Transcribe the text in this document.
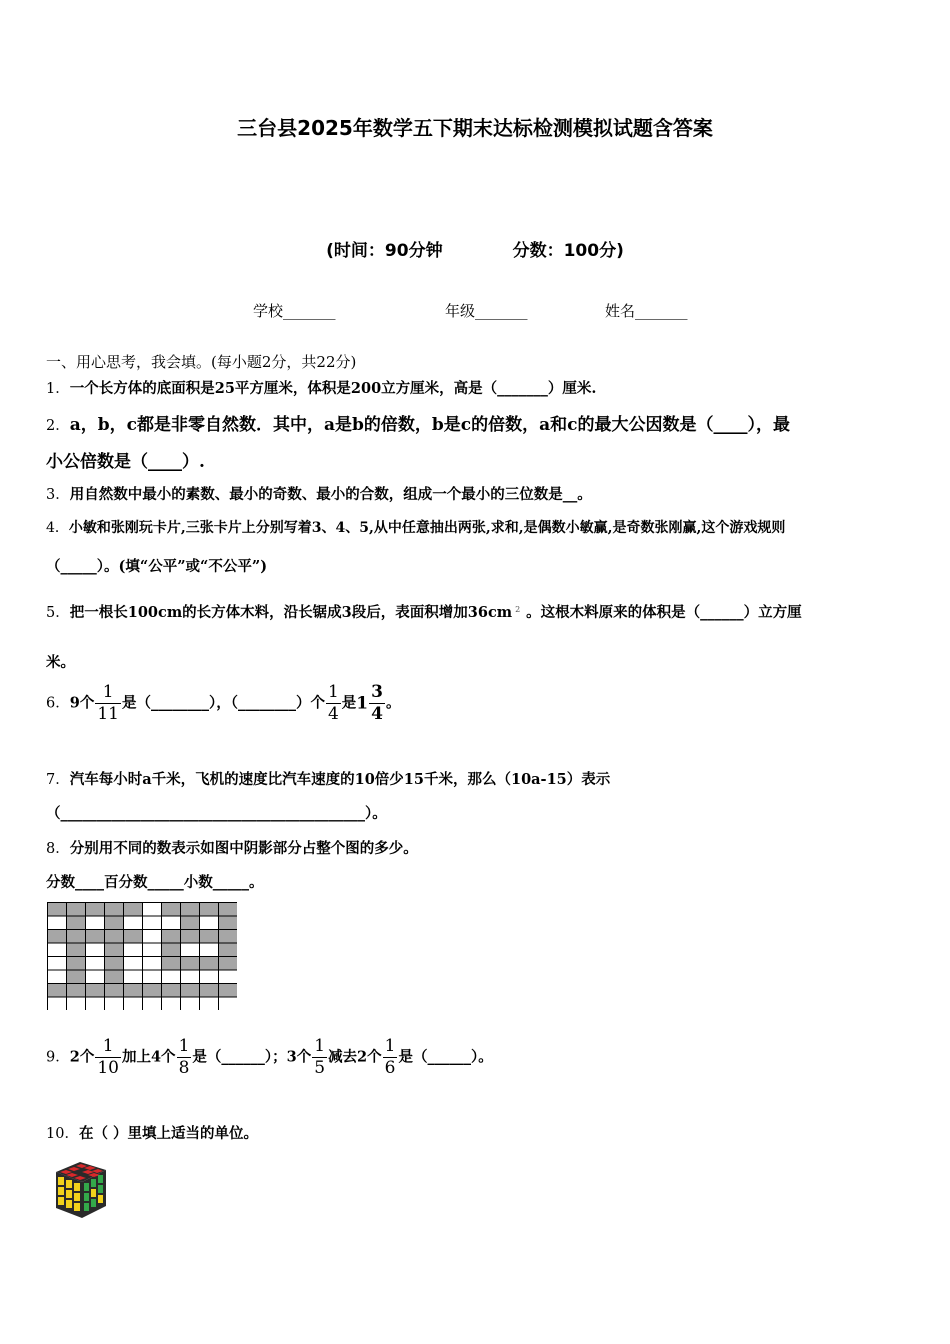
三台县2025年数学五下期末达标检测模拟试题含答案
(时间：90分钟	分数：100分)
学校_______	年级_______	姓名_______
一、用心思考，我会填。(每小题2分，共22分)
1．一个长方体的底面积是25平方厘米，体积是200立方厘米，高是（_______）厘米.
2．a，b，c都是非零自然数．其中，a是b的倍数，b是c的倍数，a和c的最大公因数是（____），最
小公倍数是（____）.
3．用自然数中最小的素数、最小的奇数、最小的合数，组成一个最小的三位数是__。
4．小敏和张刚玩卡片,三张卡片上分别写着3、4、5,从中任意抽出两张,求和,是偶数小敏赢,是奇数张刚赢,这个游戏规则
（_____）。(填“公平”或“不公平”)
5．把一根长100cm的长方体木料，沿长锯成3段后，表面积增加36cm 2 。这根木料原来的体积是（______）立方厘
米。
6．9个 $\frac{1}{11}$ 是（________），（________）个 $\frac{1}{4}$ 是$1 \frac{3}{4}$ 。
7．汽车每小时a千米，飞机的速度比汽车速度的10倍少15千米，那么（10a-15）表示
（__________________________________________）。
8．分别用不同的数表示如图中阴影部分占整个图的多少。
分数____百分数_____小数_____。
9．2个 $\frac{1}{10}$ 加上4个 $\frac{1}{8}$ 是（______）；3个 $\frac{1}{5}$ 减去2个 $\frac{1}{6}$ 是（______）。
10．在（ ）里填上适当的单位。
